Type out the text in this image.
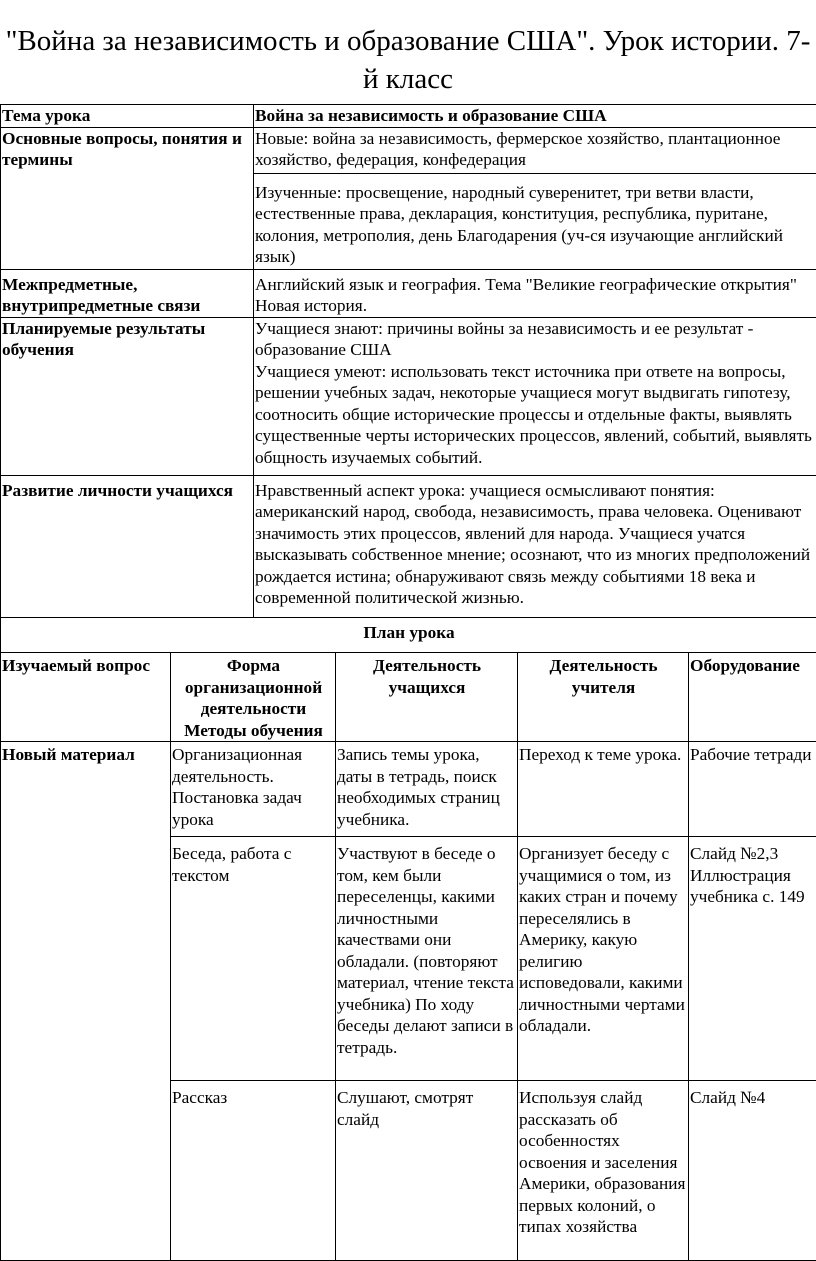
"Война за независимость и образование США". Урок истории. 7-й класс
Тема урока	Война за независимость и образование США
Основные вопросы, понятия и термины	Новые: война за независимость, фермерское хозяйство, плантационное хозяйство, федерация, конфедерация
	Изученные: просвещение, народный суверенитет, три ветви власти, естественные права, декларация, конституция, республика, пуритане, колония, метрополия, день Благодарения (уч-ся изучающие английский язык)
Межпредметные, внутрипредметные связи	Английский язык и география. Тема "Великие географические открытия" Новая история.
Планируемые результаты обучения	Учащиеся знают: причины войны за независимость и ее результат - образование США
Учащиеся умеют: использовать текст источника при ответе на вопросы, решении учебных задач, некоторые учащиеся могут выдвигать гипотезу, соотносить общие исторические процессы и отдельные факты, выявлять существенные черты исторических процессов, явлений, событий, выявлять общность изучаемых событий.

Развитие личности учащихся	Нравственный аспект урока: учащиеся осмысливают понятия: американский народ, свобода, независимость, права человека. Оценивают значимость этих процессов, явлений для народа. Учащиеся учатся высказывать собственное мнение; осознают, что из многих предположений рождается истина; обнаруживают связь между событиями 18 века и современной политической жизнью.
План урока				
Изучаемый вопрос	Форма организационной деятельности Методы обучения	Деятельность учащихся	Деятельность учителя	Оборудование
Новый материал	Организационная деятельность. Постановка задач урока	Запись темы урока, даты в тетрадь, поиск необходимых страниц учебника.	Переход к теме урока.	Рабочие тетради
	Беседа, работа с текстом	Участвуют в беседе о том, кем были переселенцы, какими личностными качествами они обладали. (повторяют материал, чтение текста учебника) По ходу беседы делают записи в тетрадь.	Организует беседу с учащимися о том, из каких стран и почему переселялись в Америку, какую религию исповедовали, какими личностными чертами обладали.	Слайд №2,3 Иллюстрация учебника с. 149
	Рассказ	Слушают, смотрят слайд	Используя слайд рассказать об особенностях освоения и заселения Америки, образования первых колоний, о типах хозяйства	Слайд №4
